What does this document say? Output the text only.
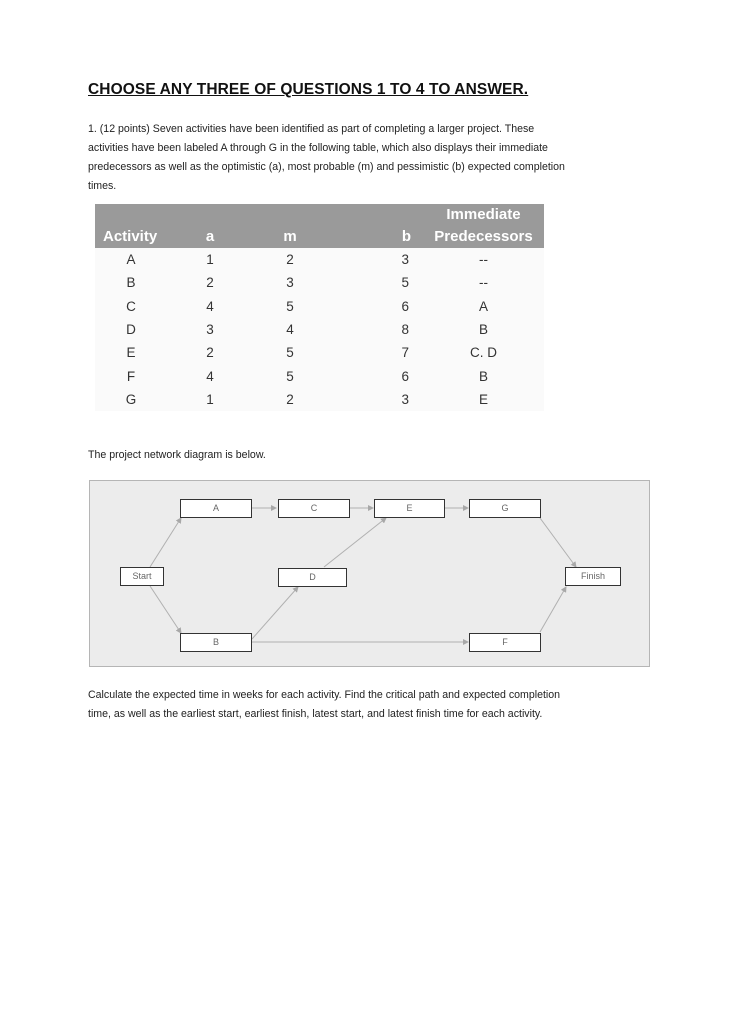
CHOOSE ANY THREE OF QUESTIONS 1 TO 4 TO ANSWER.
1. (12 points) Seven activities have been identified as part of completing a larger project. These
activities have been labeled A through G in the following table, which also displays their immediate
predecessors as well as the optimistic (a), most probable (m) and pessimistic (b) expected completion
times.
Activity	a	m	b	Immediate
Predecessors
A	1	2	3	--
B	2	3	5	--
C	4	5	6	A
D	3	4	8	B
E	2	5	7	C. D
F	4	5	6	B
G	1	2	3	E
The project network diagram is below.
Start
A
B
C
D
E	G
F
Finish
Calculate the expected time in weeks for each activity. Find the critical path and expected completion
time, as well as the earliest start, earliest finish, latest start, and latest finish time for each activity.
